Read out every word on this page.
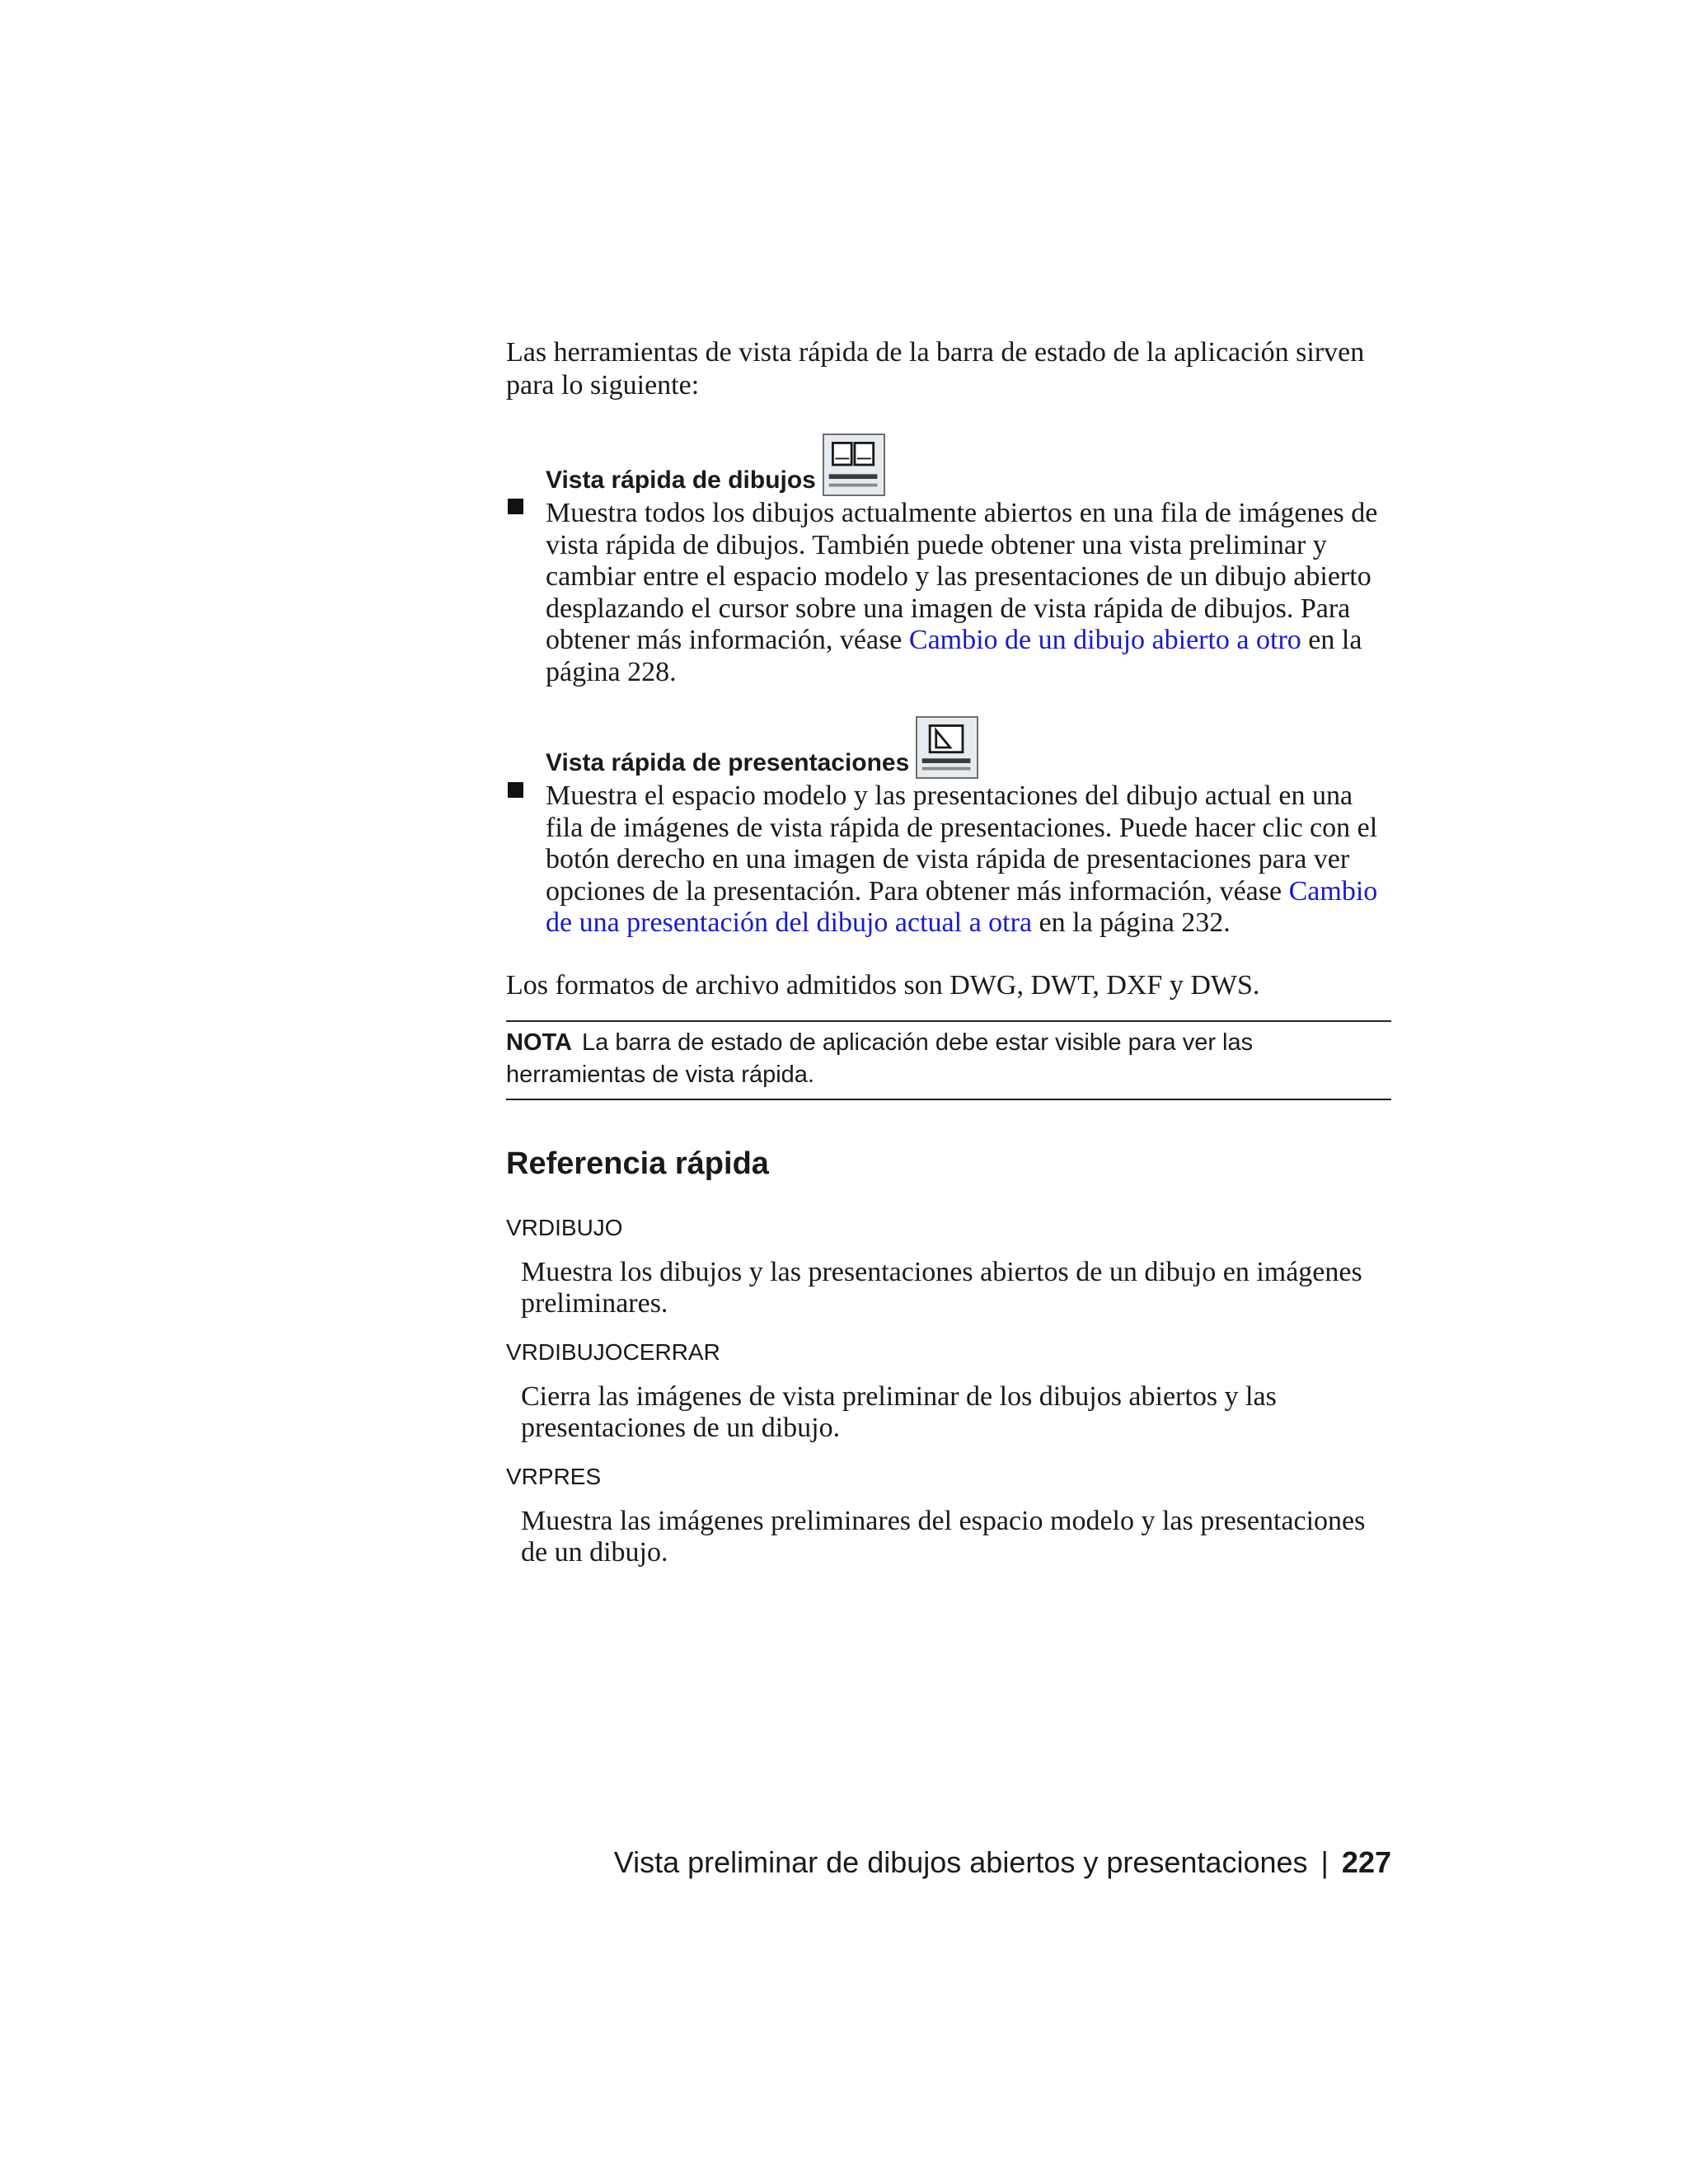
Las herramientas de vista rápida de la barra de estado de la aplicación sirven para lo siguiente:

Vista rápida de dibujos

Muestra todos los dibujos actualmente abiertos en una fila de imágenes de vista rápida de dibujos. También puede obtener una vista preliminar y cambiar entre el espacio modelo y las presentaciones de un dibujo abierto desplazando el cursor sobre una imagen de vista rápida de dibujos. Para obtener más información, véase Cambio de un dibujo abierto a otro en la página 228.

Vista rápida de presentaciones

Muestra el espacio modelo y las presentaciones del dibujo actual en una fila de imágenes de vista rápida de presentaciones. Puede hacer clic con el botón derecho en una imagen de vista rápida de presentaciones para ver opciones de la presentación. Para obtener más información, véase Cambio de una presentación del dibujo actual a otra en la página 232.

Los formatos de archivo admitidos son DWG, DWT, DXF y DWS.

NOTA La barra de estado de aplicación debe estar visible para ver las herramientas de vista rápida.
Referencia rápida

VRDIBUJO

Muestra los dibujos y las presentaciones abiertos de un dibujo en imágenes preliminares.

VRDIBUJOCERRAR

Cierra las imágenes de vista preliminar de los dibujos abiertos y las presentaciones de un dibujo.

VRPRES

Muestra las imágenes preliminares del espacio modelo y las presentaciones de un dibujo.

Vista preliminar de dibujos abiertos y presentaciones | 227
